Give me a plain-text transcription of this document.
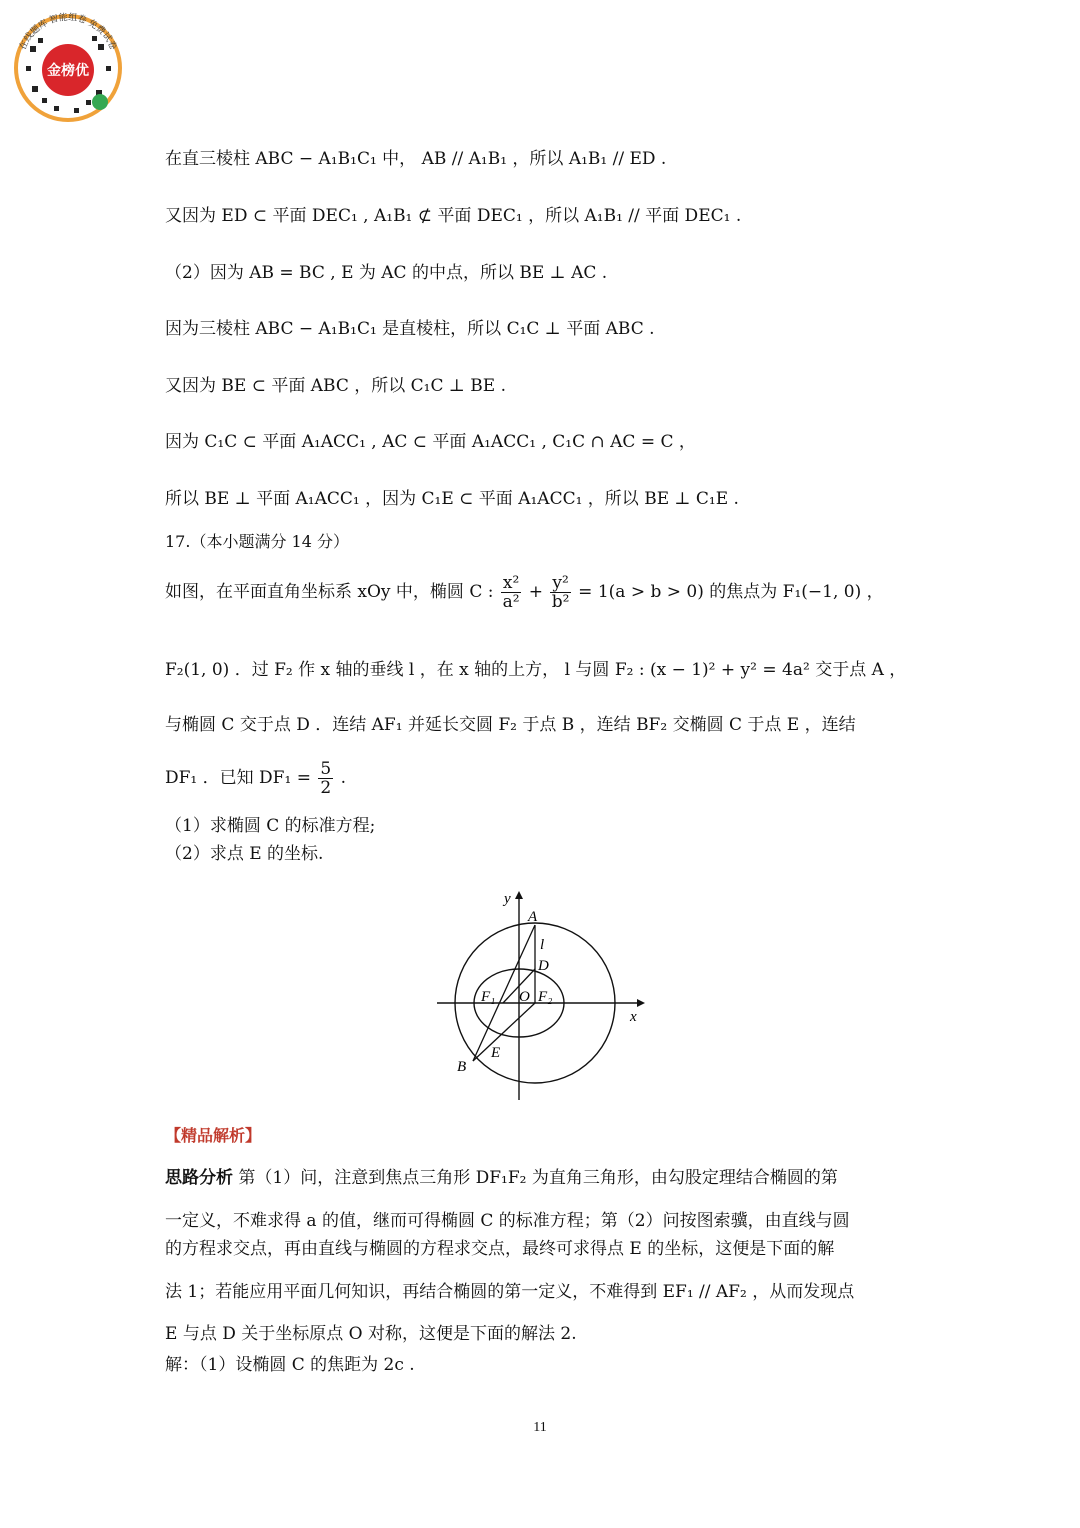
在线题库 智能组卷 免费试卷
金榜优
在直三棱柱 ABC − A₁B₁C₁ 中， AB // A₁B₁ ，所以 A₁B₁ // ED .
又因为 ED ⊂ 平面 DEC₁ , A₁B₁ ⊄ 平面 DEC₁ ，所以 A₁B₁ // 平面 DEC₁ .
（2）因为 AB = BC , E 为 AC 的中点，所以 BE ⊥ AC .
因为三棱柱 ABC − A₁B₁C₁ 是直棱柱，所以 C₁C ⊥ 平面 ABC .
又因为 BE ⊂ 平面 ABC ，所以 C₁C ⊥ BE .
因为 C₁C ⊂ 平面 A₁ACC₁ , AC ⊂ 平面 A₁ACC₁ , C₁C ∩ AC = C ，
所以 BE ⊥ 平面 A₁ACC₁ ，因为 C₁E ⊂ 平面 A₁ACC₁ ，所以 BE ⊥ C₁E .
17.（本小题满分 14 分）
如图，在平面直角坐标系 xOy 中，椭圆 C : $\frac{\text{x²}}{\text{a²}} + \frac{\text{y²}}{\text{b²}} = 1(a > b > 0)$ 的焦点为 F₁(−1, 0) ，
F₂(1, 0) ．过 F₂ 作 x 轴的垂线 l ，在 x 轴的上方， l 与圆 F₂ : (x − 1)² + y² = 4a² 交于点 A ，
与椭圆 C 交于点 D ．连结 AF₁ 并延长交圆 F₂ 于点 B ，连结 BF₂ 交椭圆 C 于点 E ，连结
DF₁ ．已知 $DF_1 = \frac{5}{2}$ .
（1）求椭圆 C 的标准方程;
（2）求点 E 的坐标.
y
x
A
l
D
F₁ O F₂
E
B
【精品解析】
思路分析 第（1）问，注意到焦点三角形 DF₁F₂ 为直角三角形，由勾股定理结合椭圆的第
一定义，不难求得 a 的值，继而可得椭圆 C 的标准方程；第（2）问按图索骥，由直线与圆
的方程求交点，再由直线与椭圆的方程求交点，最终可求得点 E 的坐标，这便是下面的解
法 1；若能应用平面几何知识，再结合椭圆的第一定义，不难得到 EF₁ // AF₂ ，从而发现点
E 与点 D 关于坐标原点 O 对称，这便是下面的解法 2.
解：（1）设椭圆 C 的焦距为 2c .
11
